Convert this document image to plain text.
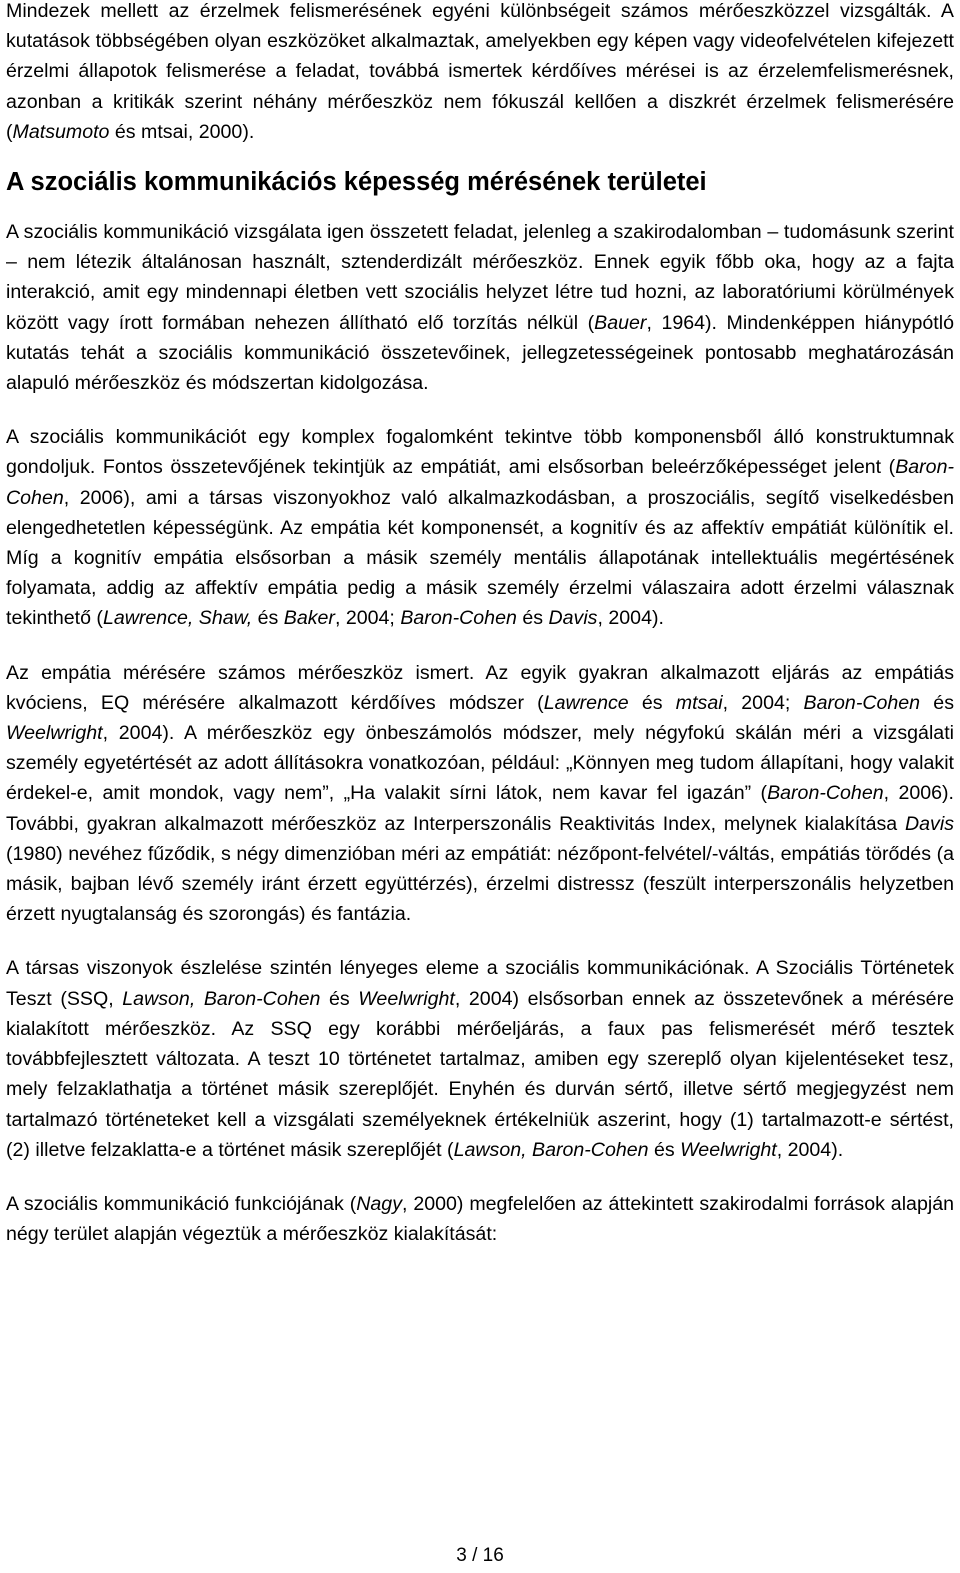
Mindezek mellett az érzelmek felismerésének egyéni különbségeit számos mérőeszközzel vizsgálták. A kutatások többségében olyan eszközöket alkalmaztak, amelyekben egy képen vagy videofelvételen kifejezett érzelmi állapotok felismerése a feladat, továbbá ismertek kérdőíves mérései is az érzelemfelismerésnek, azonban a kritikák szerint néhány mérőeszköz nem fókuszál kellően a diszkrét érzelmek felismerésére (Matsumoto és mtsai, 2000).

A szociális kommunikációs képesség mérésének területei

A szociális kommunikáció vizsgálata igen összetett feladat, jelenleg a szakirodalomban – tudomásunk szerint – nem létezik általánosan használt, sztenderdizált mérőeszköz. Ennek egyik főbb oka, hogy az a fajta interakció, amit egy mindennapi életben vett szociális helyzet létre tud hozni, az laboratóriumi körülmények között vagy írott formában nehezen állítható elő torzítás nélkül (Bauer, 1964). Mindenképpen hiánypótló kutatás tehát a szociális kommunikáció összetevőinek, jellegzetességeinek pontosabb meghatározásán alapuló mérőeszköz és módszertan kidolgozása.

A szociális kommunikációt egy komplex fogalomként tekintve több komponensből álló konstruktumnak gondoljuk. Fontos összetevőjének tekintjük az empátiát, ami elsősorban beleérzőképességet jelent (Baron-Cohen, 2006), ami a társas viszonyokhoz való alkalmazkodásban, a proszociális, segítő viselkedésben elengedhetetlen képességünk. Az empátia két komponensét, a kognitív és az affektív empátiát különítik el. Míg a kognitív empátia elsősorban a másik személy mentális állapotának intellektuális megértésének folyamata, addig az affektív empátia pedig a másik személy érzelmi válaszaira adott érzelmi válasznak tekinthető (Lawrence, Shaw, és Baker, 2004; Baron-Cohen és Davis, 2004).

Az empátia mérésére számos mérőeszköz ismert. Az egyik gyakran alkalmazott eljárás az empátiás kvóciens, EQ mérésére alkalmazott kérdőíves módszer (Lawrence és mtsai, 2004; Baron-Cohen és Weelwright, 2004). A mérőeszköz egy önbeszámolós módszer, mely négyfokú skálán méri a vizsgálati személy egyetértését az adott állításokra vonatkozóan, például: „Könnyen meg tudom állapítani, hogy valakit érdekel-e, amit mondok, vagy nem”, „Ha valakit sírni látok, nem kavar fel igazán” (Baron-Cohen, 2006). További, gyakran alkalmazott mérőeszköz az Interperszonális Reaktivitás Index, melynek kialakítása Davis (1980) nevéhez fűződik, s négy dimenzióban méri az empátiát: nézőpont-felvétel/-váltás, empátiás törődés (a másik, bajban lévő személy iránt érzett együttérzés), érzelmi distressz (feszült interperszonális helyzetben érzett nyugtalanság és szorongás) és fantázia.

A társas viszonyok észlelése szintén lényeges eleme a szociális kommunikációnak. A Szociális Történetek Teszt (SSQ, Lawson, Baron-Cohen és Weelwright, 2004) elsősorban ennek az összetevőnek a mérésére kialakított mérőeszköz. Az SSQ egy korábbi mérőeljárás, a faux pas felismerését mérő tesztek továbbfejlesztett változata. A teszt 10 történetet tartalmaz, amiben egy szereplő olyan kijelentéseket tesz, mely felzaklathatja a történet másik szereplőjét. Enyhén és durván sértő, illetve sértő megjegyzést nem tartalmazó történeteket kell a vizsgálati személyeknek értékelniük aszerint, hogy (1) tartalmazott-e sértést, (2) illetve felzaklatta-e a történet másik szereplőjét (Lawson, Baron-Cohen és Weelwright, 2004).

A szociális kommunikáció funkciójának (Nagy, 2000) megfelelően az áttekintett szakirodalmi források alapján négy terület alapján végeztük a mérőeszköz kialakítását:

3 / 16
